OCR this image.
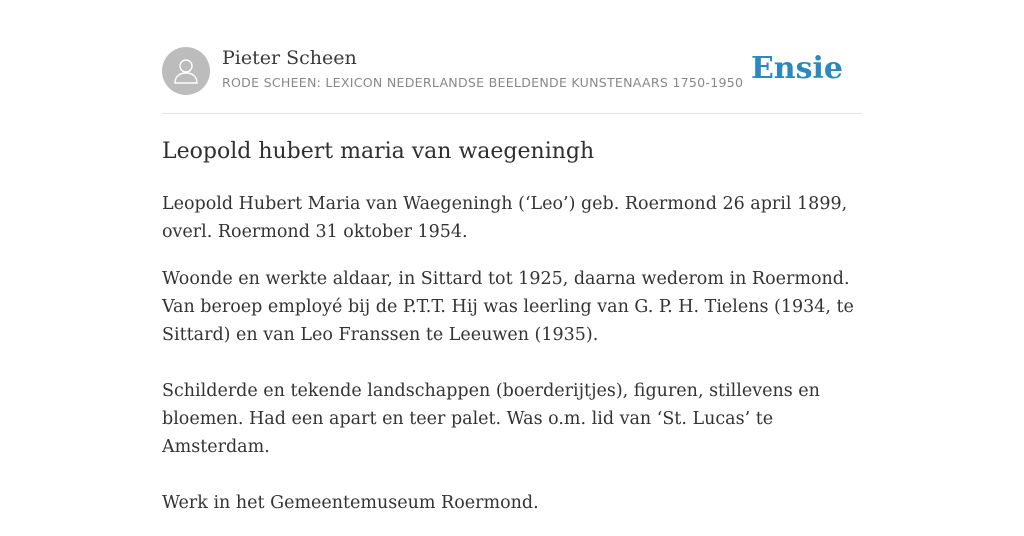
Pieter Scheen
RODE SCHEEN: LEXICON NEDERLANDSE BEELDENDE KUNSTENAARS 1750-1950 Ensie
Leopold hubert maria van waegeningh

Leopold Hubert Maria van Waegeningh (‘Leo’) geb. Roermond 26 april 1899, overl. Roermond 31 oktober 1954.

Woonde en werkte aldaar, in Sittard tot 1925, daarna wederom in Roermond. Van beroep employé bij de P.T.T. Hij was leerling van G. P. H. Tielens (1934, te Sittard) en van Leo Franssen te Leeuwen (1935).

Schilderde en tekende landschappen (boerderijtjes), figuren, stillevens en bloemen. Had een apart en teer palet. Was o.m. lid van ‘St. Lucas’ te Amsterdam.

Werk in het Gemeentemuseum Roermond.
